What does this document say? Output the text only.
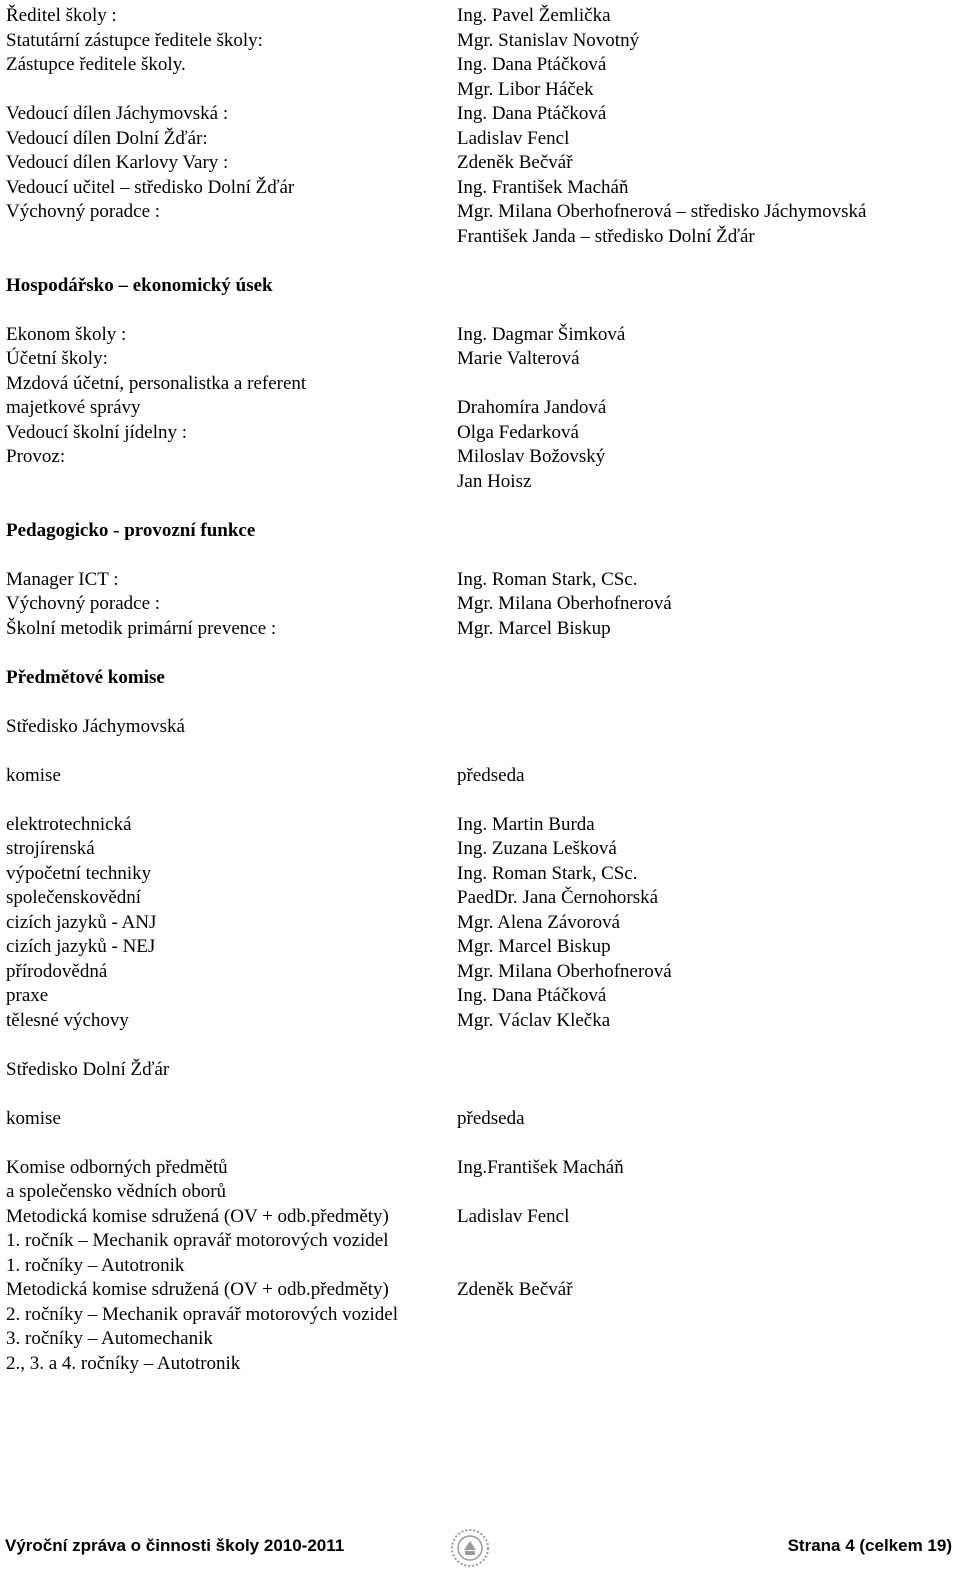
Ředitel školy :	Ing. Pavel Žemlička
Statutární zástupce ředitele školy:	Mgr. Stanislav Novotný
Zástupce ředitele školy.	Ing. Dana Ptáčková
Mgr. Libor Háček
Vedoucí dílen Jáchymovská :	Ing. Dana Ptáčková
Vedoucí dílen Dolní Žďár:	Ladislav Fencl
Vedoucí dílen Karlovy Vary :	Zdeněk Bečvář
Vedoucí učitel – středisko Dolní Žďár	Ing. František Macháň
Výchovný poradce :	Mgr. Milana Oberhofnerová – středisko Jáchymovská
František Janda – středisko Dolní Žďár
Hospodářsko – ekonomický úsek
Ekonom školy :	Ing. Dagmar Šimková
Účetní školy:	Marie Valterová
Mzdová účetní, personalistka a referent
majetkové správy	Drahomíra Jandová
Vedoucí školní jídelny :	Olga Fedarková
Provoz:	Miloslav Božovský
Jan Hoisz
Pedagogicko - provozní funkce
Manager ICT :	Ing. Roman Stark, CSc.
Výchovný poradce :	Mgr. Milana Oberhofnerová
Školní metodik primární prevence :	Mgr. Marcel Biskup
Předmětové komise
Středisko Jáchymovská
komise	předseda
elektrotechnická	Ing. Martin Burda
strojírenská	Ing. Zuzana Lešková
výpočetní techniky	Ing. Roman Stark, CSc.
společenskovědní	PaedDr. Jana Černohorská
cizích jazyků - ANJ	Mgr. Alena Závorová
cizích jazyků - NEJ	Mgr. Marcel Biskup
přírodovědná	Mgr. Milana Oberhofnerová
praxe	Ing. Dana Ptáčková
tělesné výchovy	Mgr. Václav Klečka
Středisko Dolní Žďár
komise	předseda
Komise odborných předmětů	Ing.František Macháň
a společensko vědních oborů
Metodická komise sdružená (OV + odb.předměty)	Ladislav Fencl
1. ročník – Mechanik opravář motorových vozidel
1. ročníky – Autotronik
Metodická komise sdružená (OV + odb.předměty)	Zdeněk Bečvář
2. ročníky – Mechanik opravář motorových vozidel
3. ročníky – Automechanik
2., 3. a 4. ročníky – Autotronik
Výroční zpráva o činnosti školy 2010-2011	Strana 4 (celkem 19)
